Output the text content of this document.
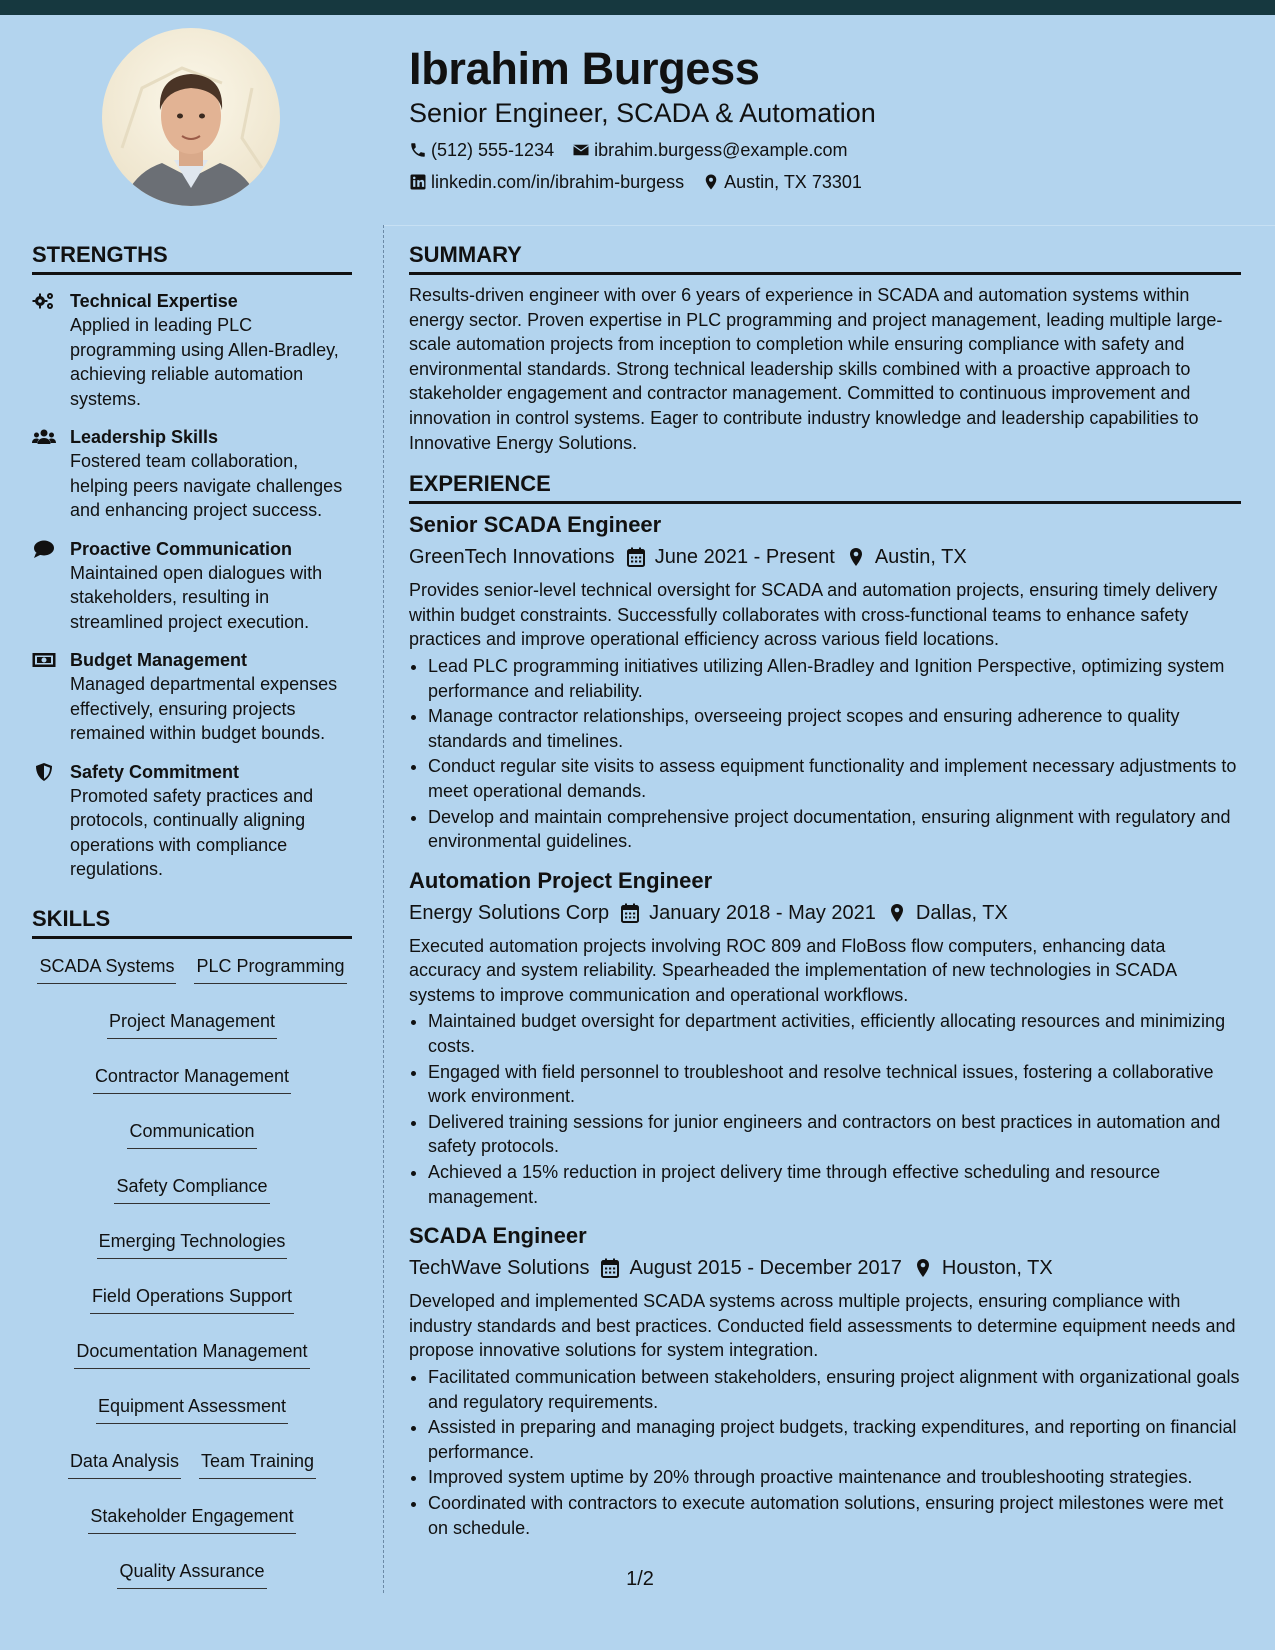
Ibrahim Burgess
Senior Engineer, SCADA & Automation
(512) 555-1234 ibrahim.burgess@example.com
linkedin.com/in/ibrahim-burgess Austin, TX 73301
STRENGTHS
Technical Expertise
Applied in leading PLC programming using Allen-Bradley, achieving reliable automation systems.
Leadership Skills
Fostered team collaboration, helping peers navigate challenges and enhancing project success.
Proactive Communication
Maintained open dialogues with stakeholders, resulting in streamlined project execution.
Budget Management
Managed departmental expenses effectively, ensuring projects remained within budget bounds.
Safety Commitment
Promoted safety practices and protocols, continually aligning operations with compliance regulations.
SKILLS
SCADA Systems PLC Programming
Project Management
Contractor Management
Communication
Safety Compliance
Emerging Technologies
Field Operations Support
Documentation Management
Equipment Assessment
Data Analysis Team Training
Stakeholder Engagement
Quality Assurance
SUMMARY

Results-driven engineer with over 6 years of experience in SCADA and automation systems within energy sector. Proven expertise in PLC programming and project management, leading multiple large-scale automation projects from inception to completion while ensuring compliance with safety and environmental standards. Strong technical leadership skills combined with a proactive approach to stakeholder engagement and contractor management. Committed to continuous improvement and innovation in control systems. Eager to contribute industry knowledge and leadership capabilities to Innovative Energy Solutions.

EXPERIENCE
Senior SCADA Engineer
GreenTech Innovations June 2021 - Present Austin, TX
Provides senior-level technical oversight for SCADA and automation projects, ensuring timely delivery within budget constraints. Successfully collaborates with cross-functional teams to enhance safety practices and improve operational efficiency across various field locations.
• Lead PLC programming initiatives utilizing Allen-Bradley and Ignition Perspective, optimizing system performance and reliability.
• Manage contractor relationships, overseeing project scopes and ensuring adherence to quality standards and timelines.
• Conduct regular site visits to assess equipment functionality and implement necessary adjustments to meet operational demands.
• Develop and maintain comprehensive project documentation, ensuring alignment with regulatory and environmental guidelines.
Automation Project Engineer
Energy Solutions Corp January 2018 - May 2021 Dallas, TX
Executed automation projects involving ROC 809 and FloBoss flow computers, enhancing data accuracy and system reliability. Spearheaded the implementation of new technologies in SCADA systems to improve communication and operational workflows.
• Maintained budget oversight for department activities, efficiently allocating resources and minimizing costs.
• Engaged with field personnel to troubleshoot and resolve technical issues, fostering a collaborative work environment.
• Delivered training sessions for junior engineers and contractors on best practices in automation and safety protocols.
• Achieved a 15% reduction in project delivery time through effective scheduling and resource management.
SCADA Engineer
TechWave Solutions August 2015 - December 2017 Houston, TX
Developed and implemented SCADA systems across multiple projects, ensuring compliance with industry standards and best practices. Conducted field assessments to determine equipment needs and propose innovative solutions for system integration.
• Facilitated communication between stakeholders, ensuring project alignment with organizational goals and regulatory requirements.
• Assisted in preparing and managing project budgets, tracking expenditures, and reporting on financial performance.
• Improved system uptime by 20% through proactive maintenance and troubleshooting strategies.
• Coordinated with contractors to execute automation solutions, ensuring project milestones were met on schedule.
1/2
